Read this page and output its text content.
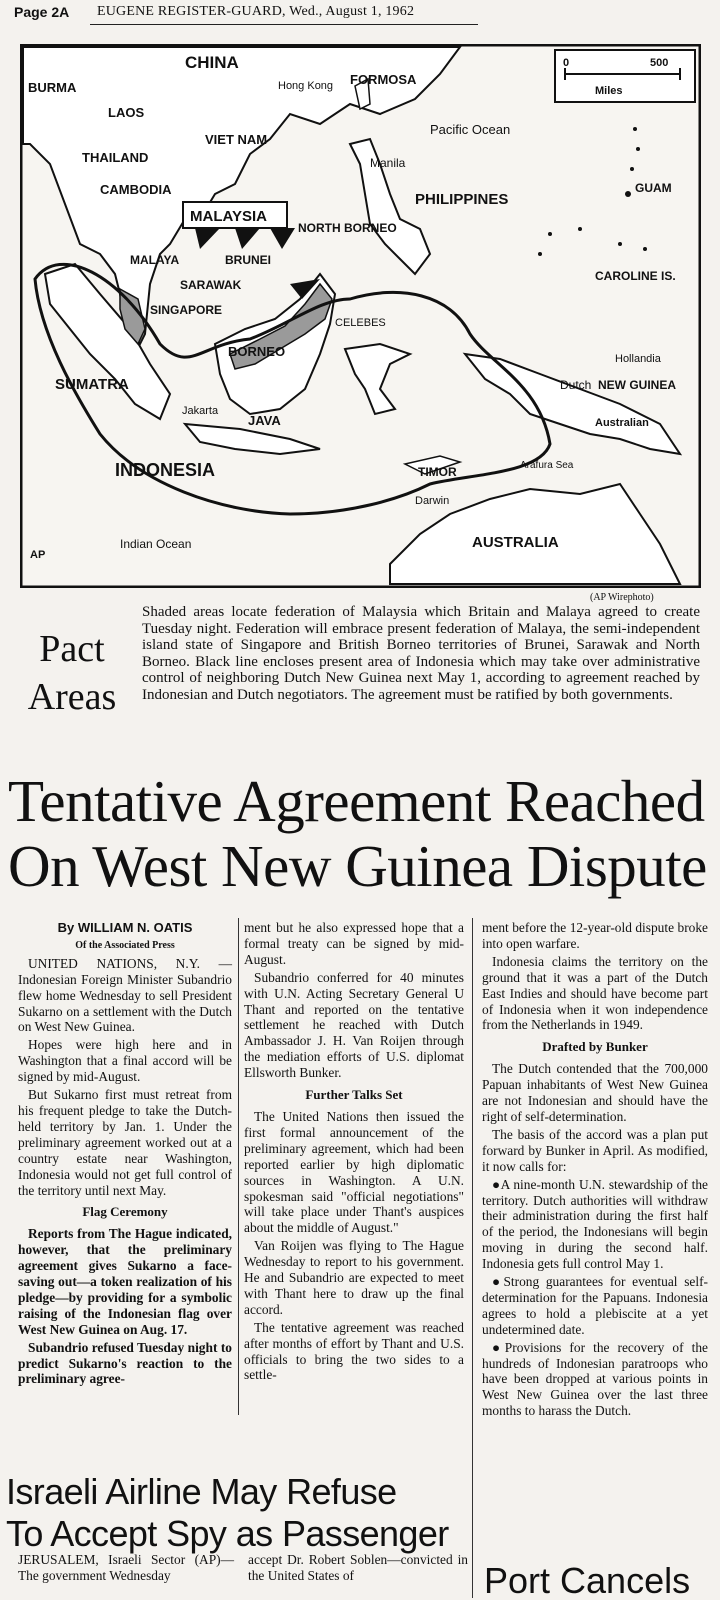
Page 2A EUGENE REGISTER-GUARD, Wed., August 1, 1962
CHINA
BURMA	Hong Kong FORMOSA
LAOS
VIET NAM
THAILAND
CAMBODIA
Pacific Ocean
Manila
PHILIPPINES
GUAM
MALAYSIA
NORTH BORNEO
MALAYA	BRUNEI
SARAWAK
SINGAPORE
CAROLINE IS.
CELEBES
BORNEO
SUMATRA
Hollandia
Dutch NEW GUINEA
Australian
Jakarta
JAVA
INDONESIA	TIMOR	Arafura Sea
Darwin
Indian Ocean	AUSTRALIA
AP
0	500
Miles
(AP Wirephoto)
Pact
Areas
Shaded areas locate federation of Malaysia which Britain and Malaya agreed to create Tuesday night. Federation will embrace present federation of Malaya, the semi-independent island state of Singapore and British Borneo territories of Brunei, Sarawak and North Borneo. Black line encloses present area of Indonesia which may take over administrative control of neighboring Dutch New Guinea next May 1, according to agreement reached by Indonesian and Dutch negotiators. The agreement must be ratified by both governments.
Tentative Agreement Reached
On West New Guinea Dispute

By WILLIAM N. OATIS

Of the Associated Press

UNITED NATIONS, N.Y. — Indonesian Foreign Minister Subandrio flew home Wednesday to sell President Sukarno on a settlement with the Dutch on West New Guinea.

Hopes were high here and in Washington that a final accord will be signed by mid-August.

But Sukarno first must retreat from his frequent pledge to take the Dutch-held territory by Jan. 1. Under the preliminary agreement worked out at a country estate near Washington, Indonesia would not get full control of the territory until next May.

Flag Ceremony

Reports from The Hague indicated, however, that the preliminary agreement gives Sukarno a face-saving out—a token realization of his pledge—by providing for a symbolic raising of the Indonesian flag over West New Guinea on Aug. 17.

Subandrio refused Tuesday night to predict Sukarno's reaction to the preliminary agree-

ment but he also expressed hope that a formal treaty can be signed by mid-August.

Subandrio conferred for 40 minutes with U.N. Acting Secretary General U Thant and reported on the tentative settlement he reached with Dutch Ambassador J. H. Van Roijen through the mediation efforts of U.S. diplomat Ellsworth Bunker.

Further Talks Set

The United Nations then issued the first formal announcement of the preliminary agreement, which had been reported earlier by high diplomatic sources in Washington. A U.N. spokesman said "official negotiations" will take place under Thant's auspices about the middle of August."

Van Roijen was flying to The Hague Wednesday to report to his government. He and Subandrio are expected to meet with Thant here to draw up the final accord.

The tentative agreement was reached after months of effort by Thant and U.S. officials to bring the two sides to a settle-

ment before the 12-year-old dispute broke into open warfare.

Indonesia claims the territory on the ground that it was a part of the Dutch East Indies and should have become part of Indonesia when it won independence from the Netherlands in 1949.

Drafted by Bunker

The Dutch contended that the 700,000 Papuan inhabitants of West New Guinea are not Indonesian and should have the right of self-determination.

The basis of the accord was a plan put forward by Bunker in April. As modified, it now calls for:

●A nine-month U.N. stewardship of the territory. Dutch authorities will withdraw their administration during the first half of the period, the Indonesians will begin moving in during the second half. Indonesia gets full control May 1.

●Strong guarantees for eventual self-determination for the Papuans. Indonesia agrees to hold a plebiscite at a yet undetermined date.

●Provisions for the recovery of the hundreds of Indonesian paratroops who have been dropped at various points in West New Guinea over the last three months to harass the Dutch.

Israeli Airline May Refuse
To Accept Spy as Passenger
JERUSALEM, Israeli Sector (AP)—The government Wednesday
accept Dr. Robert Soblen—convicted in the United States of	Port Cancels
